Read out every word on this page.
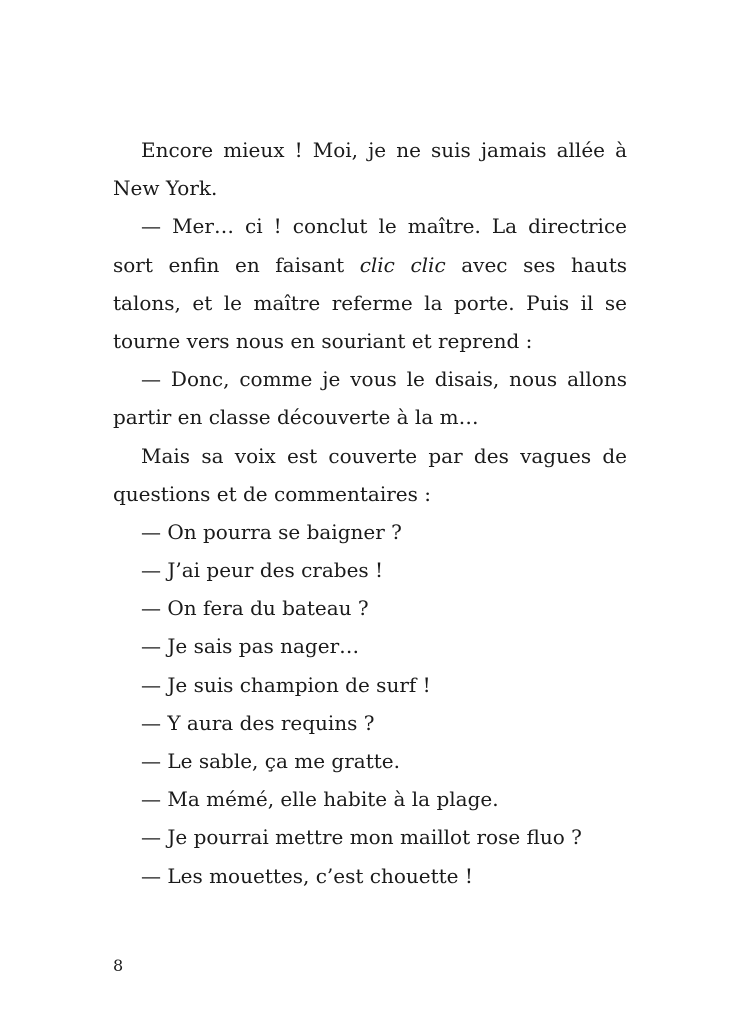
Encore mieux ! Moi, je ne suis jamais allée à
New York.
— Mer… ci ! conclut le maître. La directrice
sort enfin en faisant clic clic avec ses hauts
talons, et le maître referme la porte. Puis il se
tourne vers nous en souriant et reprend :
— Donc, comme je vous le disais, nous allons
partir en classe découverte à la m…
Mais sa voix est couverte par des vagues de
questions et de commentaires :
— On pourra se baigner ?
— J’ai peur des crabes !
— On fera du bateau ?
— Je sais pas nager…
— Je suis champion de surf !
— Y aura des requins ?
— Le sable, ça me gratte.
— Ma mémé, elle habite à la plage.
— Je pourrai mettre mon maillot rose fluo ?
— Les mouettes, c’est chouette !
8
